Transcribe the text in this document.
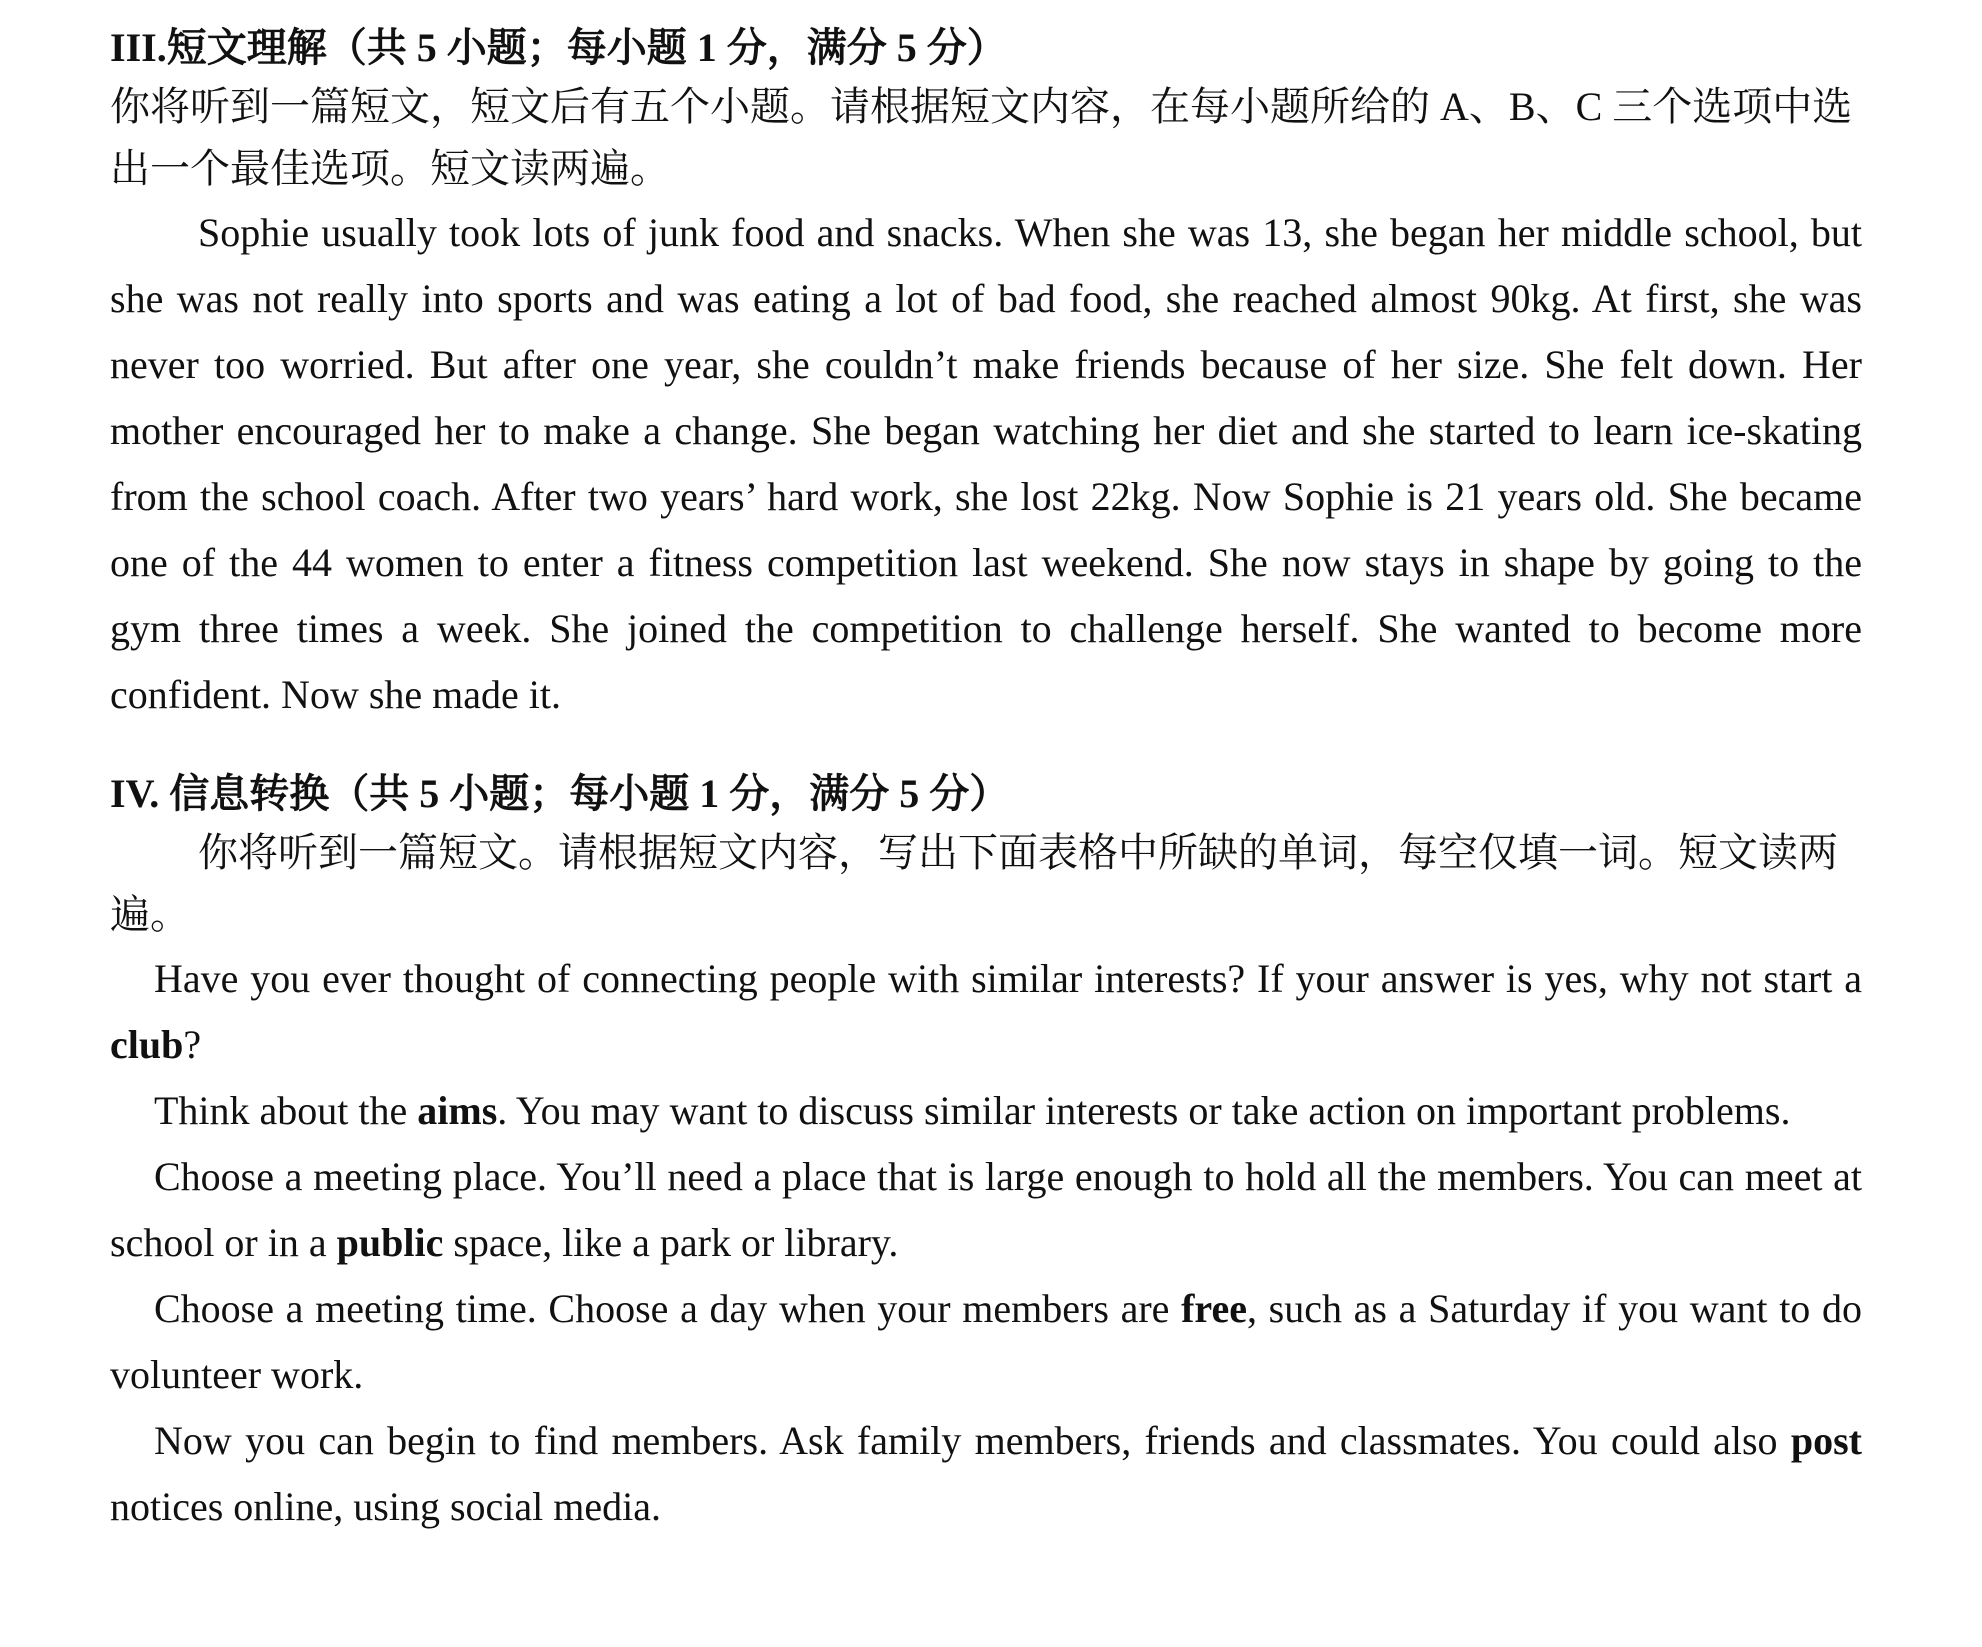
III.短文理解（共 5 小题；每小题 1 分，满分 5 分）

你将听到一篇短文，短文后有五个小题。请根据短文内容，在每小题所给的 A、B、C 三个选项中选出一个最佳选项。短文读两遍。

Sophie usually took lots of junk food and snacks. When she was 13, she began her middle school, but she was not really into sports and was eating a lot of bad food, she reached almost 90kg. At first, she was never too worried. But after one year, she couldn’t make friends because of her size. She felt down. Her mother encouraged her to make a change. She began watching her diet and she started to learn ice-skating from the school coach. After two years’ hard work, she lost 22kg. Now Sophie is 21 years old. She became one of the 44 women to enter a fitness competition last weekend. She now stays in shape by going to the gym three times a week. She joined the competition to challenge herself. She wanted to become more confident. Now she made it.

IV. 信息转换（共 5 小题；每小题 1 分，满分 5 分）

你将听到一篇短文。请根据短文内容，写出下面表格中所缺的单词，每空仅填一词。短文读两遍。

Have you ever thought of connecting people with similar interests? If your answer is yes, why not start a club?

Think about the aims. You may want to discuss similar interests or take action on important problems.

Choose a meeting place. You’ll need a place that is large enough to hold all the members. You can meet at school or in a public space, like a park or library.

Choose a meeting time. Choose a day when your members are free, such as a Saturday if you want to do volunteer work.

Now you can begin to find members. Ask family members, friends and classmates. You could also post notices online, using social media.
